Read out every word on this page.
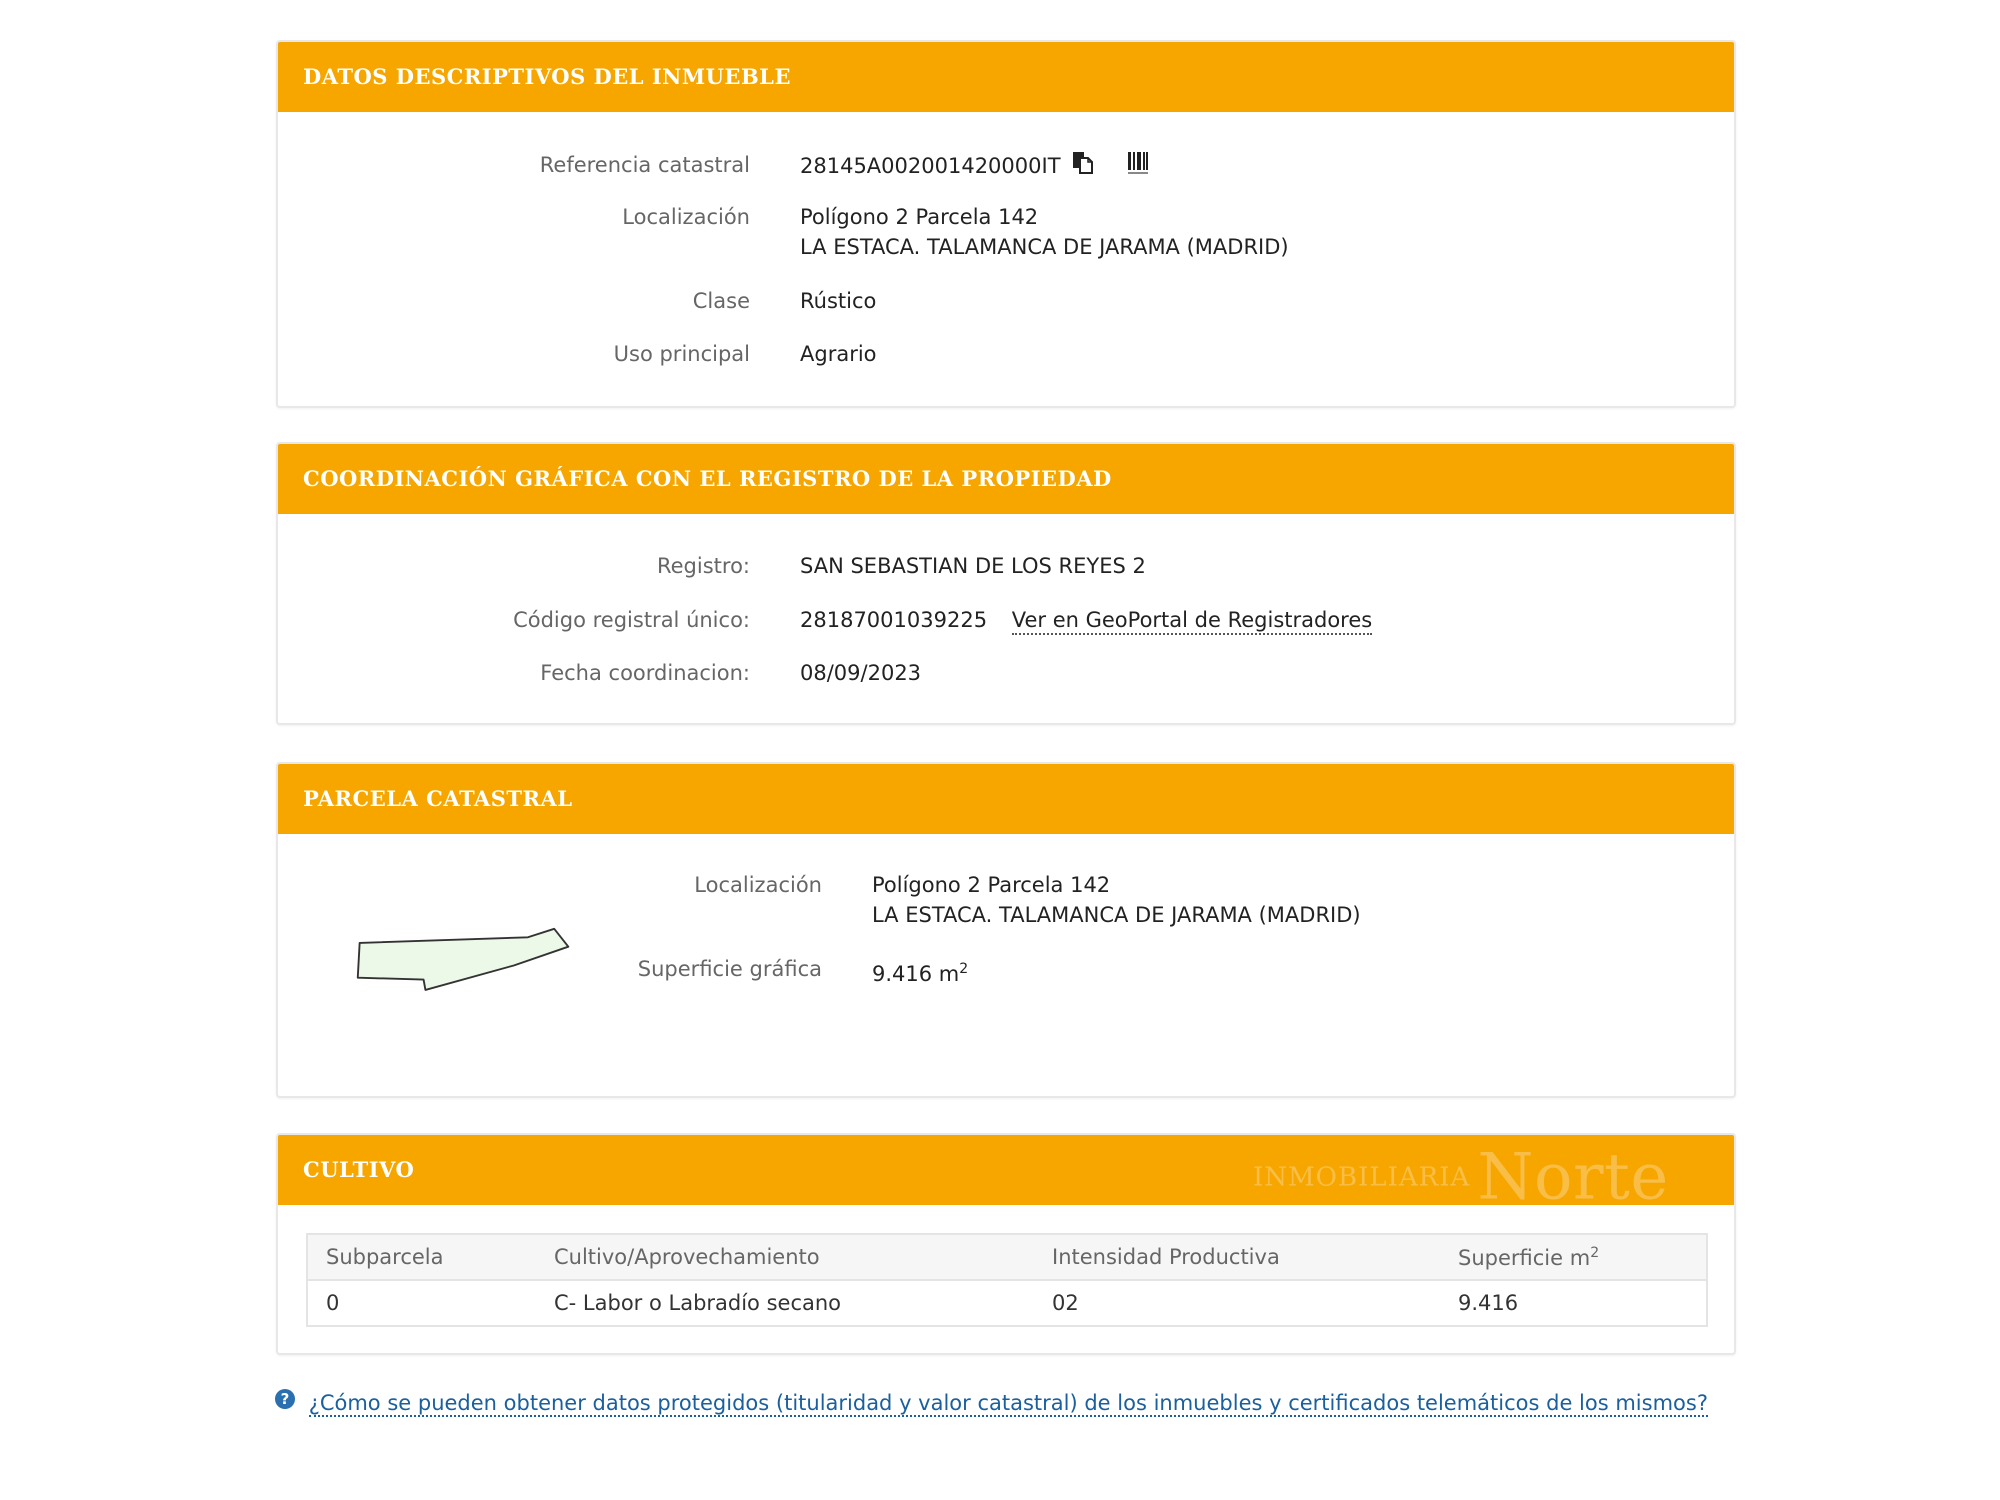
DATOS DESCRIPTIVOS DEL INMUEBLE
Referencia catastral 28145A002001420000IT
Localización Polígono 2 Parcela 142
LA ESTACA. TALAMANCA DE JARAMA (MADRID)
Clase Rústico
Uso principal Agrario
COORDINACIÓN GRÁFICA CON EL REGISTRO DE LA PROPIEDAD
Registro: SAN SEBASTIAN DE LOS REYES 2
Código registral único: 28187001039225 Ver en GeoPortal de Registradores
Fecha coordinacion: 08/09/2023
PARCELA CATASTRAL
Localización Polígono 2 Parcela 142
LA ESTACA. TALAMANCA DE JARAMA (MADRID)
Superficie gráfica 9.416 $m^2$
CULTIVO	INMOBILIARIA Norte
Subparcela	Cultivo/Aprovechamiento	Intensidad Productiva	Superficie $m^2$
0	C- Labor o Labradío secano	02	9.416
? ¿Cómo se pueden obtener datos protegidos (titularidad y valor catastral) de los inmuebles y certificados telemáticos de los mismos?
